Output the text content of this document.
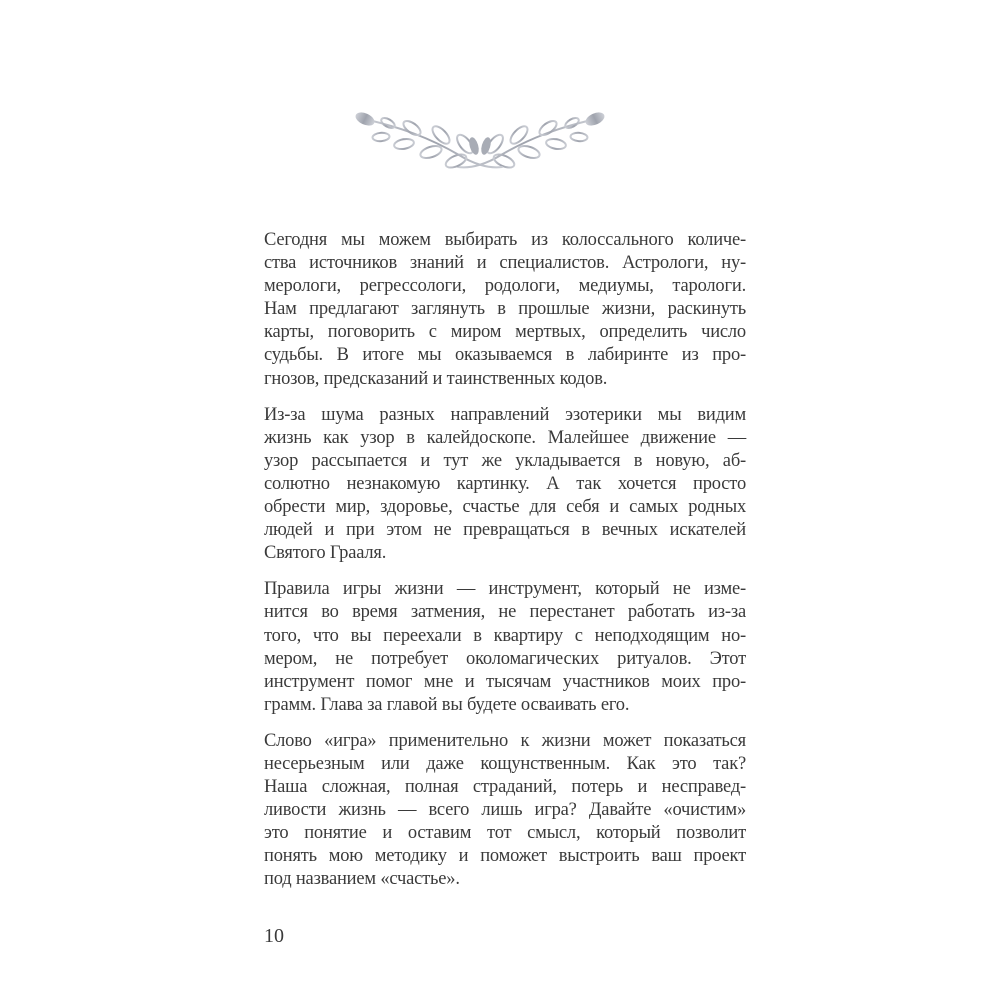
Сегодня мы можем выбирать из колоссального количе-
ства источников знаний и специалистов. Астрологи, ну-
мерологи, регрессологи, родологи, медиумы, тарологи.
Нам предлагают заглянуть в прошлые жизни, раскинуть
карты, поговорить с миром мертвых, определить число
судьбы. В итоге мы оказываемся в лабиринте из про-
гнозов, предсказаний и таинственных кодов.
Из-за шума разных направлений эзотерики мы видим
жизнь как узор в калейдоскопе. Малейшее движение —
узор рассыпается и тут же укладывается в новую, аб-
солютно незнакомую картинку. А так хочется просто
обрести мир, здоровье, счастье для себя и самых родных
людей и при этом не превращаться в вечных искателей
Святого Грааля.
Правила игры жизни — инструмент, который не изме-
нится во время затмения, не перестанет работать из-за
того, что вы переехали в квартиру с неподходящим но-
мером, не потребует околомагических ритуалов. Этот
инструмент помог мне и тысячам участников моих про-
грамм. Глава за главой вы будете осваивать его.
Слово «игра» применительно к жизни может показаться
несерьезным или даже кощунственным. Как это так?
Наша сложная, полная страданий, потерь и несправед-
ливости жизнь — всего лишь игра? Давайте «очистим»
это понятие и оставим тот смысл, который позволит
понять мою методику и поможет выстроить ваш проект
под названием «счастье».
10
